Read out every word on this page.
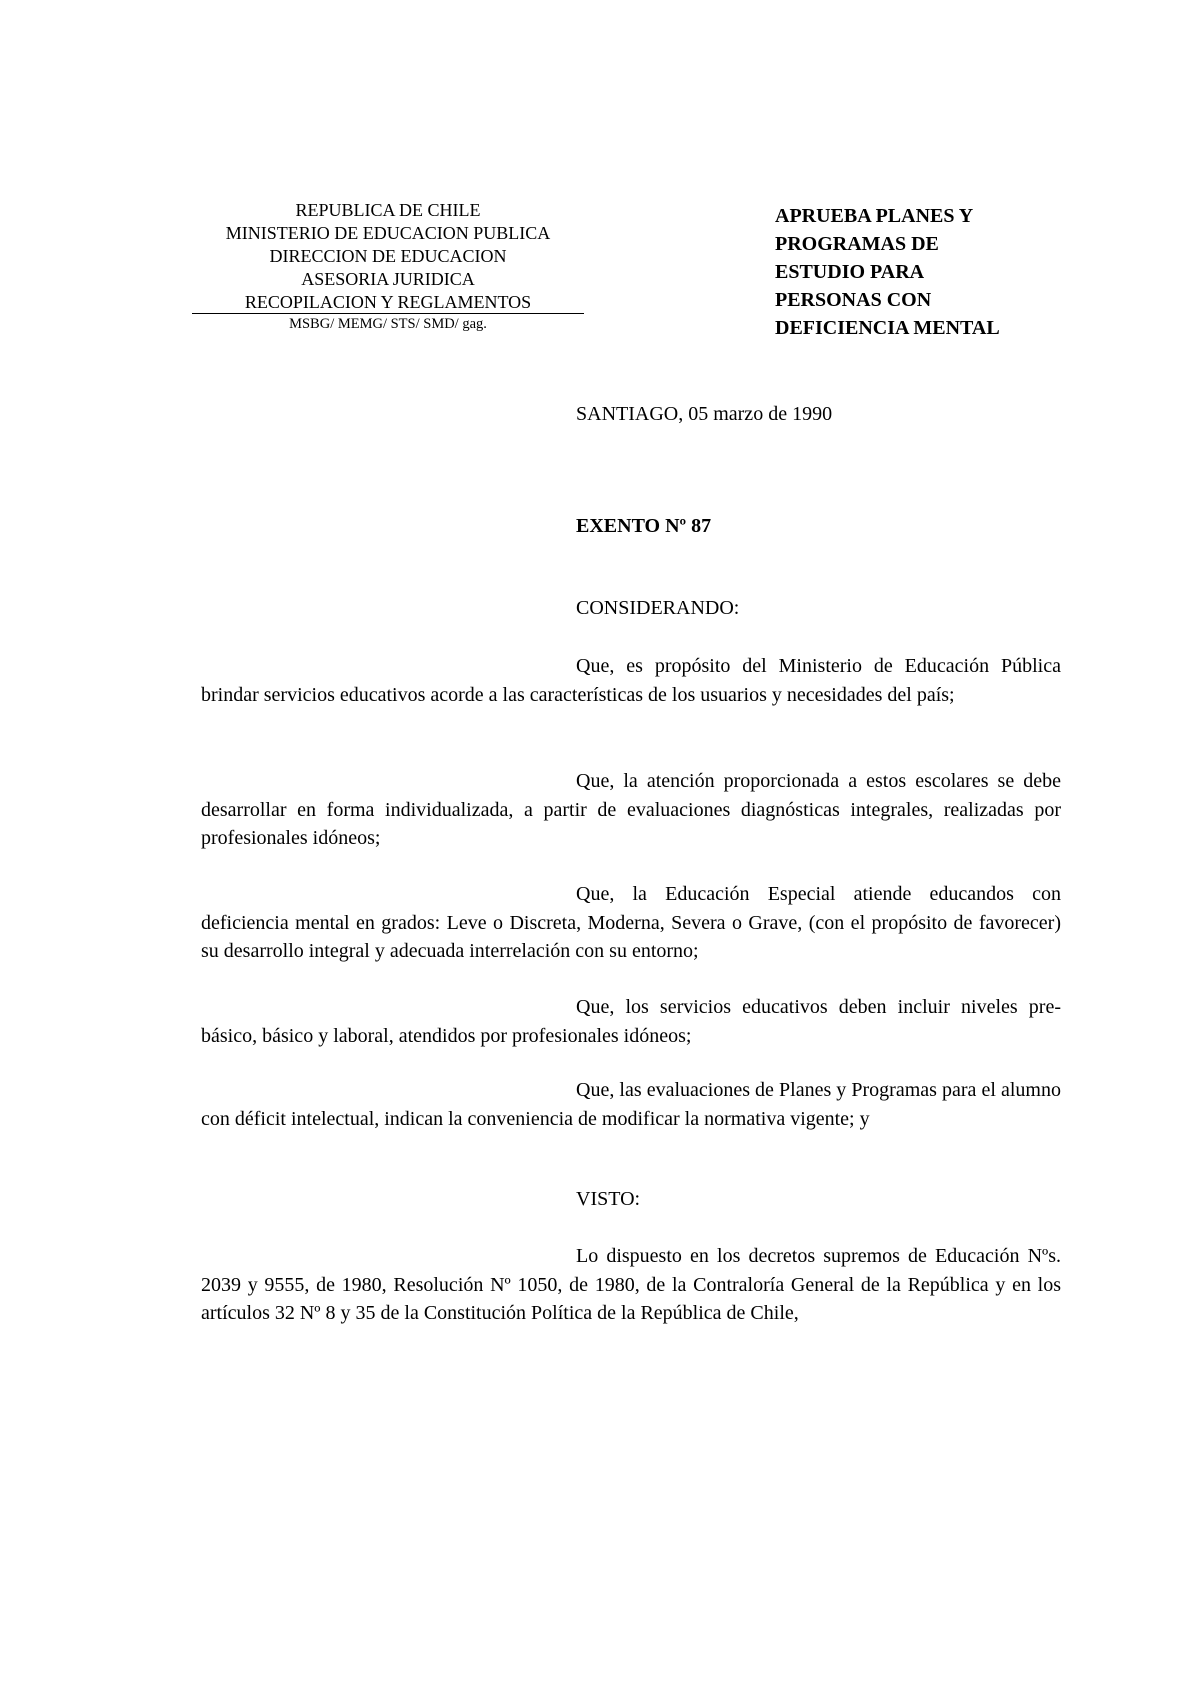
REPUBLICA DE CHILE
MINISTERIO DE EDUCACION PUBLICA
DIRECCION DE EDUCACION
ASESORIA JURIDICA
RECOPILACION Y REGLAMENTOS
MSBG/ MEMG/ STS/ SMD/ gag.
APRUEBA PLANES Y
PROGRAMAS DE
ESTUDIO PARA
PERSONAS CON
DEFICIENCIA MENTAL
SANTIAGO, 05 marzo de 1990
EXENTO Nº 87
CONSIDERANDO:

Que, es propósito del Ministerio de Educación Pública brindar servicios educativos acorde a las características de los usuarios y necesidades del país;

Que, la atención proporcionada a estos escolares se debe desarrollar en forma individualizada, a partir de evaluaciones diagnósticas integrales, realizadas por profesionales idóneos;

Que, la Educación Especial atiende educandos con deficiencia mental en grados: Leve o Discreta, Moderna, Severa o Grave, (con el propósito de favorecer) su desarrollo integral y adecuada interrelación con su entorno;

Que, los servicios educativos deben incluir niveles pre-básico, básico y laboral, atendidos por profesionales idóneos;

Que, las evaluaciones de Planes y Programas para el alumno con déficit intelectual, indican la conveniencia de modificar la normativa vigente; y

VISTO:

Lo dispuesto en los decretos supremos de Educación Nºs. 2039 y 9555, de 1980, Resolución Nº 1050, de 1980, de la Contraloría General de la República y en los artículos 32 Nº 8 y 35 de la Constitución Política de la República de Chile,
